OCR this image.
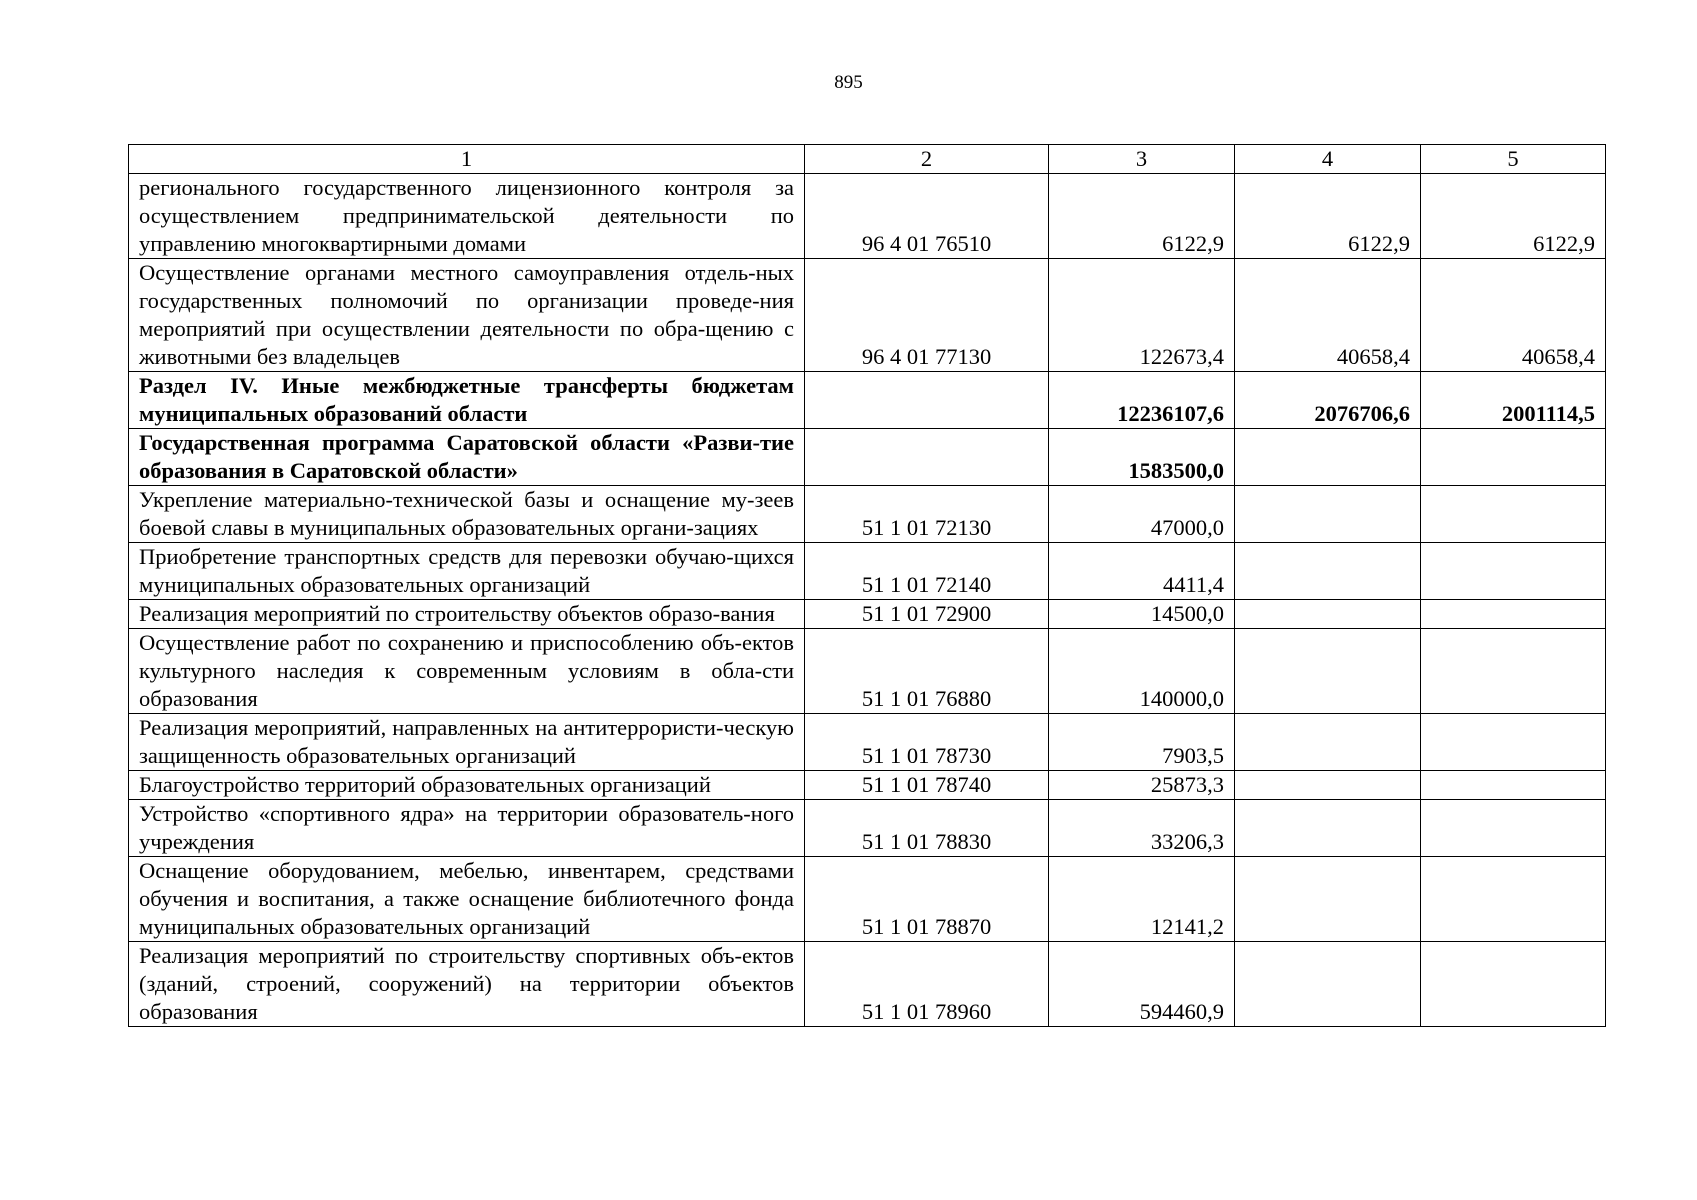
895
1	2	3	4	5
регионального государственного лицензионного контроля за осуществлением предпринимательской деятельности по управлению многоквартирными домами	96 4 01 76510	6122,9	6122,9	6122,9
Осуществление органами местного самоуправления отдель-ных государственных полномочий по организации проведе-ния мероприятий при осуществлении деятельности по обра-щению с животными без владельцев	96 4 01 77130	122673,4	40658,4	40658,4
Раздел IV. Иные межбюджетные трансферты бюджетам муниципальных образований области		12236107,6	2076706,6	2001114,5
Государственная программа Саратовской области «Разви-тие образования в Саратовской области»		1583500,0		
Укрепление материально-технической базы и оснащение му-зеев боевой славы в муниципальных образовательных органи-зациях	51 1 01 72130	47000,0		
Приобретение транспортных средств для перевозки обучаю-щихся муниципальных образовательных организаций	51 1 01 72140	4411,4		
Реализация мероприятий по строительству объектов образо-вания	51 1 01 72900	14500,0		
Осуществление работ по сохранению и приспособлению объ-ектов культурного наследия к современным условиям в обла-сти образования	51 1 01 76880	140000,0		
Реализация мероприятий, направленных на антитеррористи-ческую защищенность образовательных организаций	51 1 01 78730	7903,5		
Благоустройство территорий образовательных организаций	51 1 01 78740	25873,3		
Устройство «спортивного ядра» на территории образователь-ного учреждения	51 1 01 78830	33206,3		
Оснащение оборудованием, мебелью, инвентарем, средствами обучения и воспитания, а также оснащение библиотечного фонда муниципальных образовательных организаций	51 1 01 78870	12141,2		
Реализация мероприятий по строительству спортивных объ-ектов (зданий, строений, сооружений) на территории объектов образования	51 1 01 78960	594460,9		
